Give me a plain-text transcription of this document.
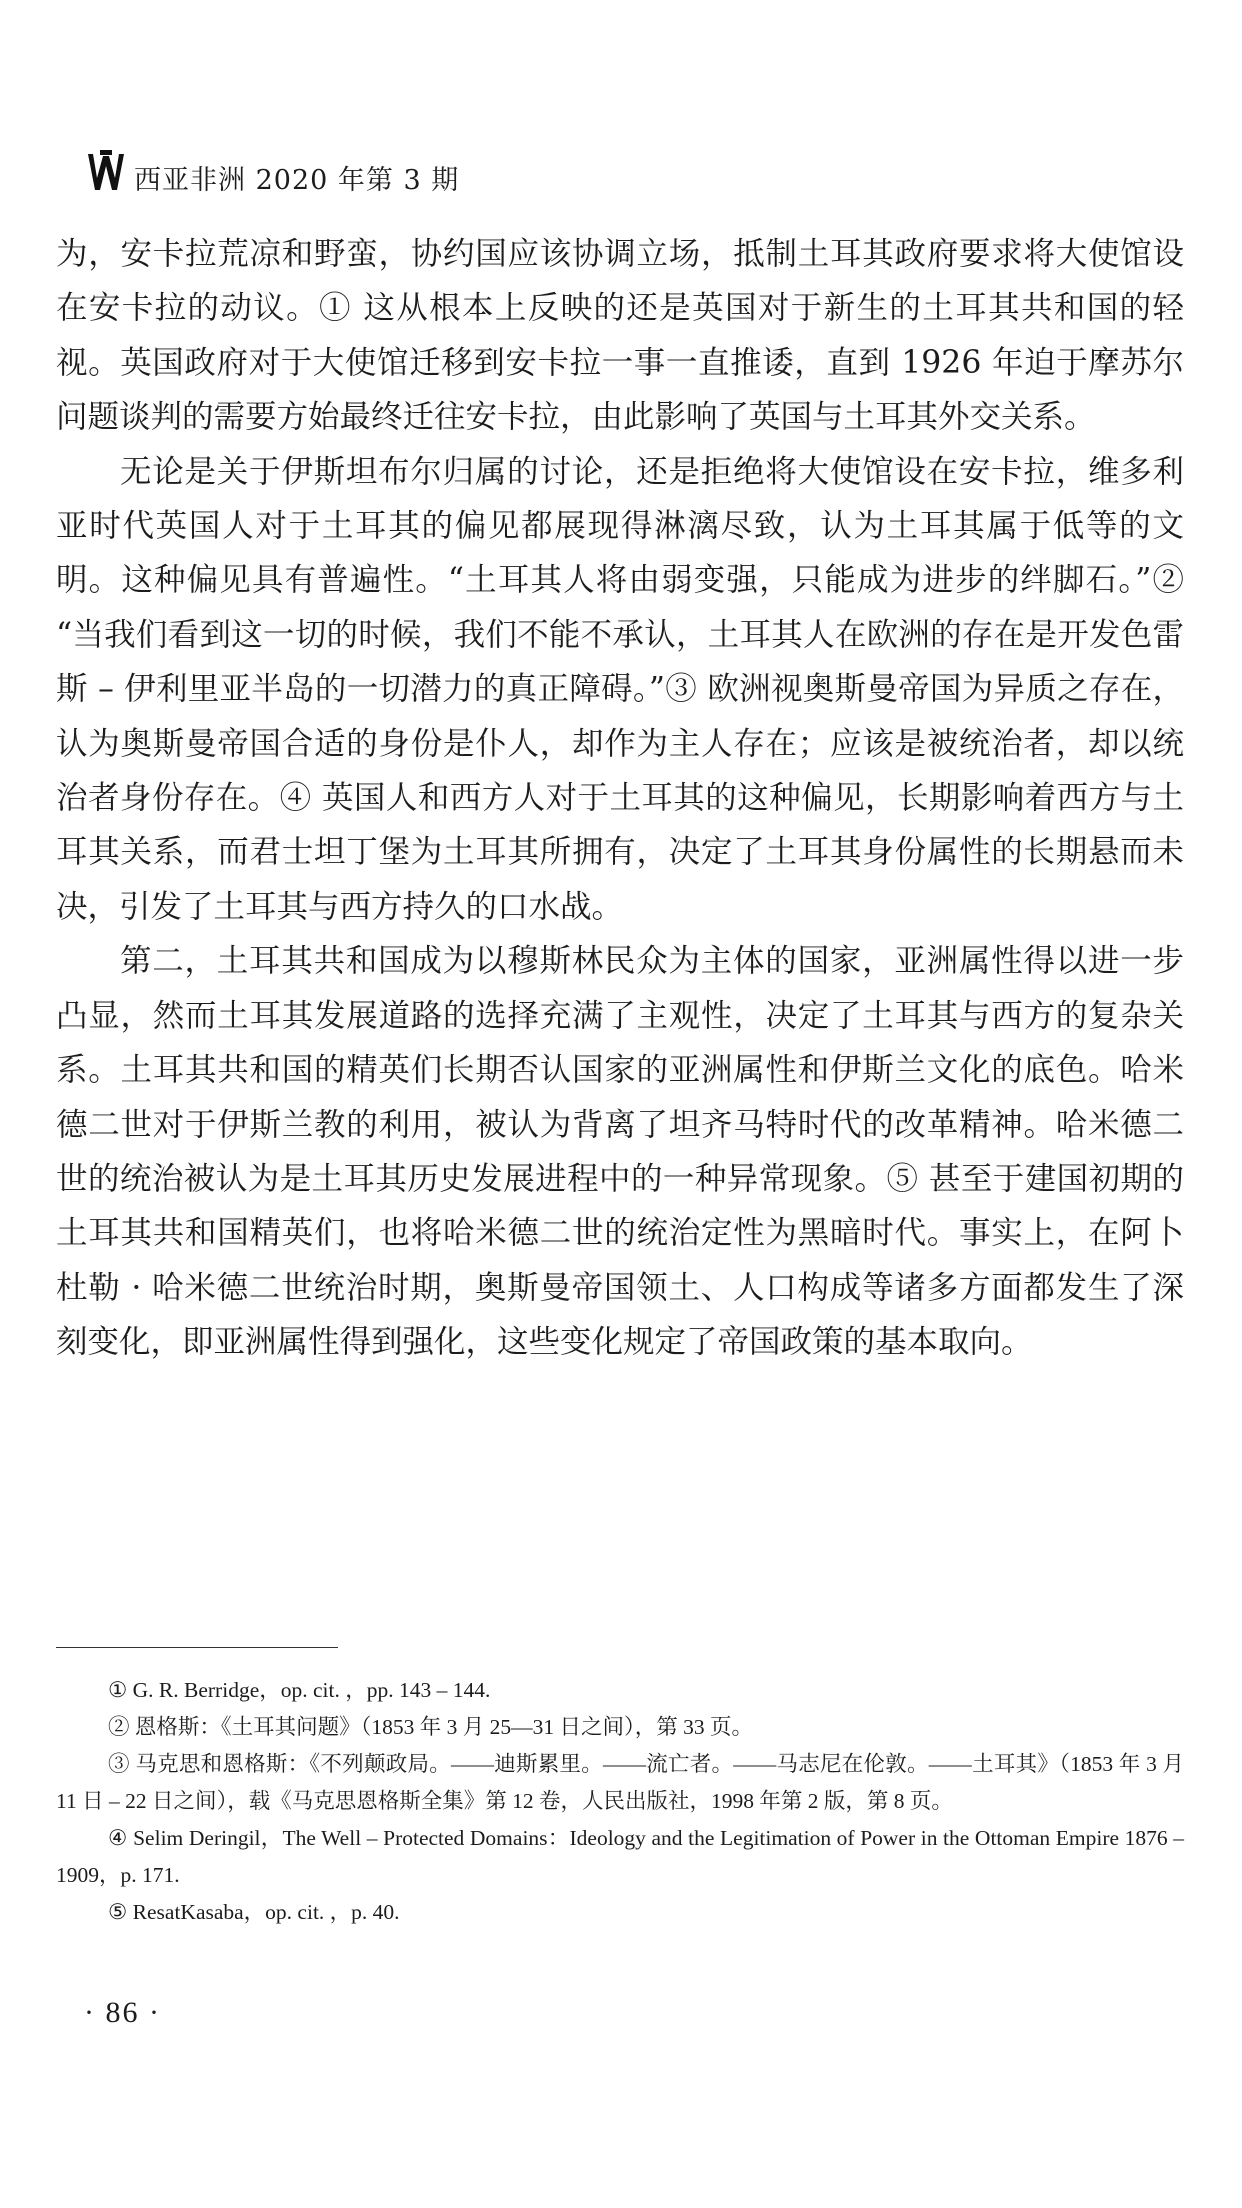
西亚非洲 2020 年第 3 期

为，安卡拉荒凉和野蛮，协约国应该协调立场，抵制土耳其政府要求将大使馆设在安卡拉的动议。① 这从根本上反映的还是英国对于新生的土耳其共和国的轻视。英国政府对于大使馆迁移到安卡拉一事一直推诿，直到 1926 年迫于摩苏尔问题谈判的需要方始最终迁往安卡拉，由此影响了英国与土耳其外交关系。

无论是关于伊斯坦布尔归属的讨论，还是拒绝将大使馆设在安卡拉，维多利亚时代英国人对于土耳其的偏见都展现得淋漓尽致，认为土耳其属于低等的文明。这种偏见具有普遍性。“土耳其人将由弱变强，只能成为进步的绊脚石。”② “当我们看到这一切的时候，我们不能不承认，土耳其人在欧洲的存在是开发色雷斯 – 伊利里亚半岛的一切潜力的真正障碍。”③ 欧洲视奥斯曼帝国为异质之存在，认为奥斯曼帝国合适的身份是仆人，却作为主人存在；应该是被统治者，却以统治者身份存在。④ 英国人和西方人对于土耳其的这种偏见，长期影响着西方与土耳其关系，而君士坦丁堡为土耳其所拥有，决定了土耳其身份属性的长期悬而未决，引发了土耳其与西方持久的口水战。

第二，土耳其共和国成为以穆斯林民众为主体的国家，亚洲属性得以进一步凸显，然而土耳其发展道路的选择充满了主观性，决定了土耳其与西方的复杂关系。土耳其共和国的精英们长期否认国家的亚洲属性和伊斯兰文化的底色。哈米德二世对于伊斯兰教的利用，被认为背离了坦齐马特时代的改革精神。哈米德二世的统治被认为是土耳其历史发展进程中的一种异常现象。⑤ 甚至于建国初期的土耳其共和国精英们，也将哈米德二世的统治定性为黑暗时代。事实上，在阿卜杜勒 · 哈米德二世统治时期，奥斯曼帝国领土、人口构成等诸多方面都发生了深刻变化，即亚洲属性得到强化，这些变化规定了帝国政策的基本取向。

① G. R. Berridge，op. cit. ，pp. 143 – 144.

② 恩格斯：《土耳其问题》（1853 年 3 月 25—31 日之间），第 33 页。

③ 马克思和恩格斯：《不列颠政局。——迪斯累里。——流亡者。——马志尼在伦敦。——土耳其》（1853 年 3 月 11 日 – 22 日之间），载《马克思恩格斯全集》第 12 卷，人民出版社，1998 年第 2 版，第 8 页。

④ Selim Deringil，The Well – Protected Domains：Ideology and the Legitimation of Power in the Ottoman Empire 1876 – 1909，p. 171.

⑤ ResatKasaba，op. cit. ，p. 40.

· 86 ·
